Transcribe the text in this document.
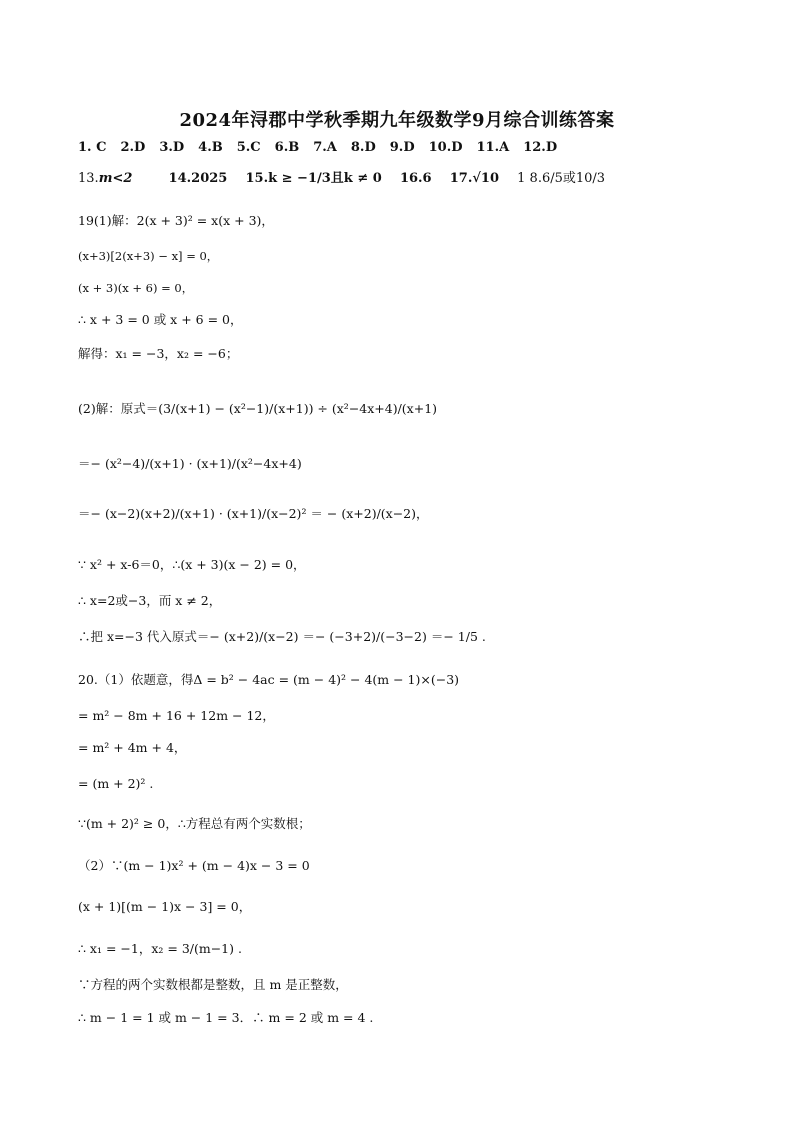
2024年浔郡中学秋季期九年级数学9月综合训练答案
1. C 2.D 3.D 4.B 5.C 6.B 7.A 8.D 9.D 10.D 11.A 12.D
13.m<2	14.2025 15.k ≥ −1/3且k ≠ 0 16.6 17.√10 1 8.6/5或10/3
19(1)解：2(x + 3)² = x(x + 3)，
(x+3)[2(x+3) − x] = 0，
(x + 3)(x + 6) = 0，
∴ x + 3 = 0 或 x + 6 = 0，
解得：x₁ = −3，x₂ = −6；
(2)解：原式＝(3/(x+1) − (x²−1)/(x+1)) ÷ (x²−4x+4)/(x+1)
＝− (x²−4)/(x+1) · (x+1)/(x²−4x+4)
＝− (x−2)(x+2)/(x+1) · (x+1)/(x−2)² ＝ − (x+2)/(x−2)，
∵ x² + x-6＝0，∴(x + 3)(x − 2) = 0，
∴ x=2或−3，而 x ≠ 2，
∴把 x=−3 代入原式＝− (x+2)/(x−2) ＝− (−3+2)/(−3−2) ＝− 1/5 .
20.（1）依题意，得Δ = b² − 4ac = (m − 4)² − 4(m − 1)×(−3)
= m² − 8m + 16 + 12m − 12，
= m² + 4m + 4，
= (m + 2)² .
∵(m + 2)² ≥ 0，∴方程总有两个实数根；
（2）∵(m − 1)x² + (m − 4)x − 3 = 0
(x + 1)[(m − 1)x − 3] = 0，
∴ x₁ = −1，x₂ = 3/(m−1) .
∵方程的两个实数根都是整数，且 m 是正整数，
∴ m − 1 = 1 或 m − 1 = 3．∴ m = 2 或 m = 4 .
